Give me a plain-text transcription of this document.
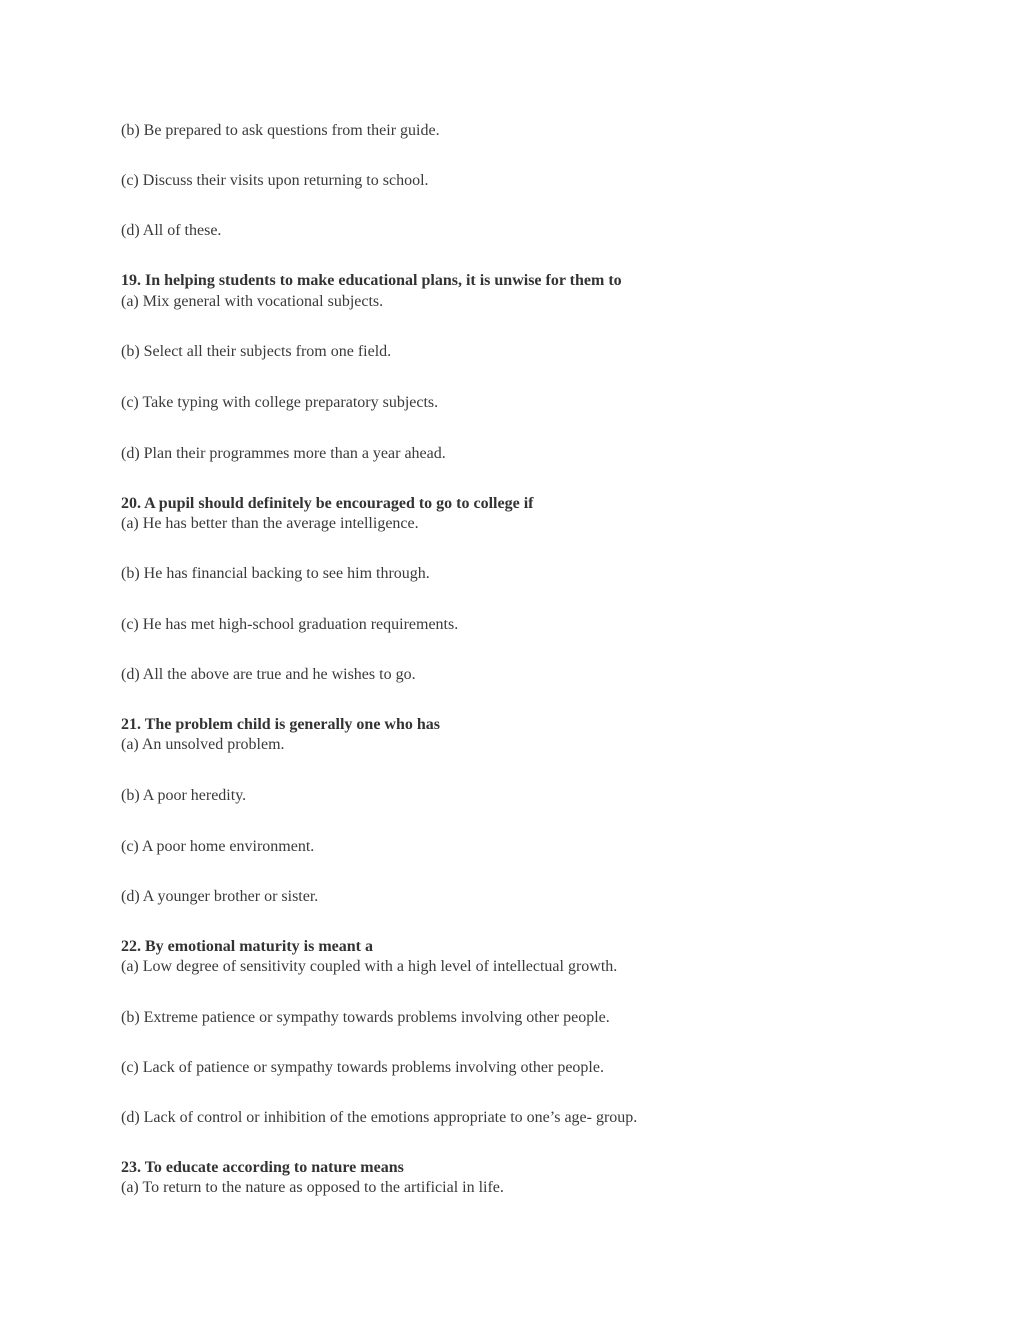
(b) Be prepared to ask questions from their guide.
(c) Discuss their visits upon returning to school.
(d) All of these.
19. In helping students to make educational plans, it is unwise for them to
(a) Mix general with vocational subjects.
(b) Select all their subjects from one field.
(c) Take typing with college preparatory subjects.
(d) Plan their programmes more than a year ahead.
20. A pupil should definitely be encouraged to go to college if
(a) He has better than the average intelligence.
(b) He has financial backing to see him through.
(c) He has met high-school graduation requirements.
(d) All the above are true and he wishes to go.
21. The problem child is generally one who has
(a) An unsolved problem.
(b) A poor heredity.
(c) A poor home environment.
(d) A younger brother or sister.
22. By emotional maturity is meant a
(a) Low degree of sensitivity coupled with a high level of intellectual growth.
(b) Extreme patience or sympathy towards problems involving other people.
(c) Lack of patience or sympathy towards problems involving other people.
(d) Lack of control or inhibition of the emotions appropriate to one’s age- group.
23. To educate according to nature means
(a) To return to the nature as opposed to the artificial in life.
